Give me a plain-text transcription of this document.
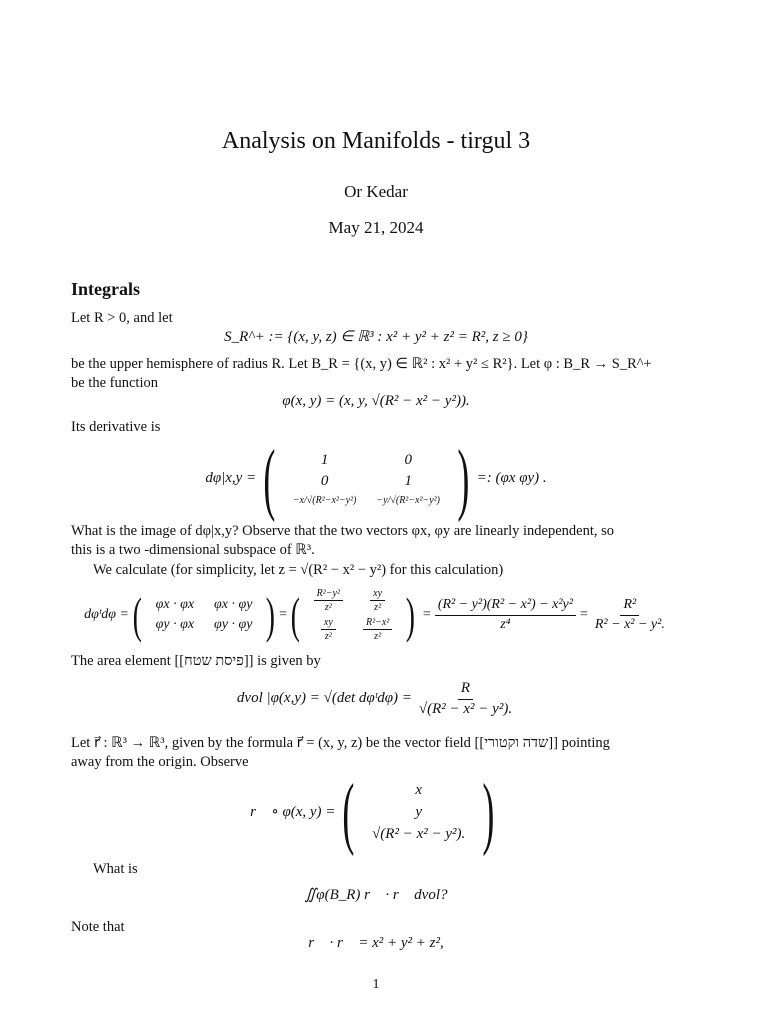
Analysis on Manifolds - tirgul 3
Or Kedar
May 21, 2024
Integrals
Let R > 0, and let
S_R^+ := {(x, y, z) ∈ ℝ³ : x² + y² + z² = R², z ≥ 0}
be the upper hemisphere of radius R. Let B_R = {(x, y) ∈ ℝ² : x² + y² ≤ R²}. Let φ : B_R → S_R^+
be the function
φ(x, y) = (x, y, √(R² − x² − y²)).
Its derivative is
dφ|x,y = (	1	0
0	1
−x/√(R²−x²−y²)	−y/√(R²−x²−y²) ) =: (φx φy) .
What is the image of dφ|x,y? Observe that the two vectors φx, φy are linearly independent, so
this is a two -dimensional subspace of ℝ³.
We calculate (for simplicity, let z = √(R² − x² − y²) for this calculation)
dφᵗdφ = ( φx · φx	φx · φy
φy · φx	φy · φy ) = ( $\frac{\text{R²−y²}}{\text{z²}}$	$\frac{xy}{\text{z²}}$

$\frac{xy}{\text{z²}}$	$\frac{\text{R²−x²}}{\text{z²}}$ ) = $\frac{\text{(R² − y²)(R² − x²) − x²y²}}{\text{z⁴}} = \frac{\text{R²}}{\text{R² − x² − y².}}$
The area element [[פיסת שטח]] is given by
dvol |φ(x,y) = √(det dφᵗdφ) = $\frac{R}{\text{√(R² − x² − y²).}}$
Let r⃗ : ℝ³ → ℝ³, given by the formula r⃗ = (x, y, z) be the vector field [[שדה וקטורי]] pointing
away from the origin. Observe
r⃗ ∘ φ(x, y) = (	x
y
√(R² − x² − y²). )
What is
∬φ(B_R) r⃗ · r⃗ dvol?
Note that
r⃗ · r⃗ = x² + y² + z²,
1
